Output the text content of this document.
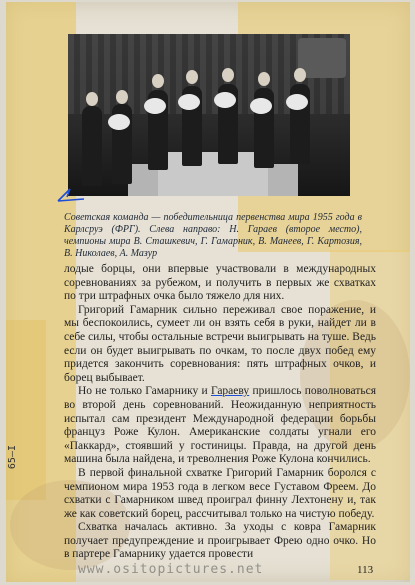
Советская команда — победительница первенства мира 1955 года в Карлсруэ (ФРГ). Слева направо: Н. Гараев (второе место), чемпионы мира В. Сташкевич, Г. Гамарник, В. Манеев, Г. Картозия, В. Николаев, А. Мазур

лодые борцы, они впервые участвовали в международных соревнованиях за рубежом, и получить в первых же схватках по три штрафных очка было тяжело для них.

Григорий Гамарник сильно переживал свое поражение, и мы беспокоились, сумеет ли он взять себя в руки, найдет ли в себе силы, чтобы остальные встречи выигрывать на туше. Ведь если он будет выигрывать по очкам, то после двух побед ему придется закончить соревнования: пять штрафных очков, и борец выбывает.

Но не только Гамарнику и Гараеву пришлось поволноваться во второй день соревнований. Неожиданную неприятность испытал сам президент Международной федерации борьбы француз Роже Кулон. Американские солдаты угнали его «Паккард», стоявший у гостиницы. Правда, на другой день машина была найдена, и треволнения Роже Кулона кончились.

В первой финальной схватке Григорий Гамарник боролся с чемпионом мира 1953 года в легком весе Густавом Фреем. До схватки с Гамарником швед проиграл финну Лехтонену и, так же как советский борец, рассчитывал только на чистую победу.

Схватка началась активно. За уходы с ковра Гамарник получает предупреждение и проигрывает Фрею одно очко. Но в партере Гамарнику удается провести

65—I
www.ositopictures.net	113
